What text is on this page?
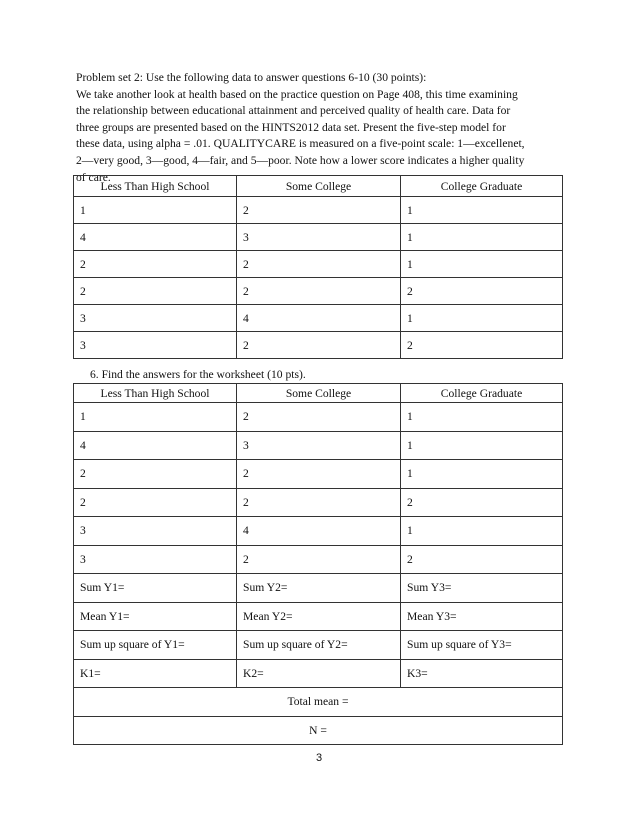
Problem set 2: Use the following data to answer questions 6-10 (30 points):
We take another look at health based on the practice question on Page 408, this time examining
the relationship between educational attainment and perceived quality of health care. Data for
three groups are presented based on the HINTS2012 data set. Present the five-step model for
these data, using alpha = .01. QUALITYCARE is measured on a five-point scale: 1—excellenet,
2—very good, 3—good, 4—fair, and 5—poor. Note how a lower score indicates a higher quality
of care.
Less Than High School	Some College	College Graduate
1	2	1
4	3	1
2	2	1
2	2	2
3	4	1
3	2	2

6. Find the answers for the worksheet (10 pts).

Less Than High School	Some College	College Graduate
1	2	1
4	3	1
2	2	1
2	2	2
3	4	1
3	2	2
Sum Y1=	Sum Y2=	Sum Y3=
Mean Y1=	Mean Y2=	Mean Y3=
Sum up square of Y1=	Sum up square of Y2=	Sum up square of Y3=
K1=	K2=	K3=
Total mean =		
N =		
3
